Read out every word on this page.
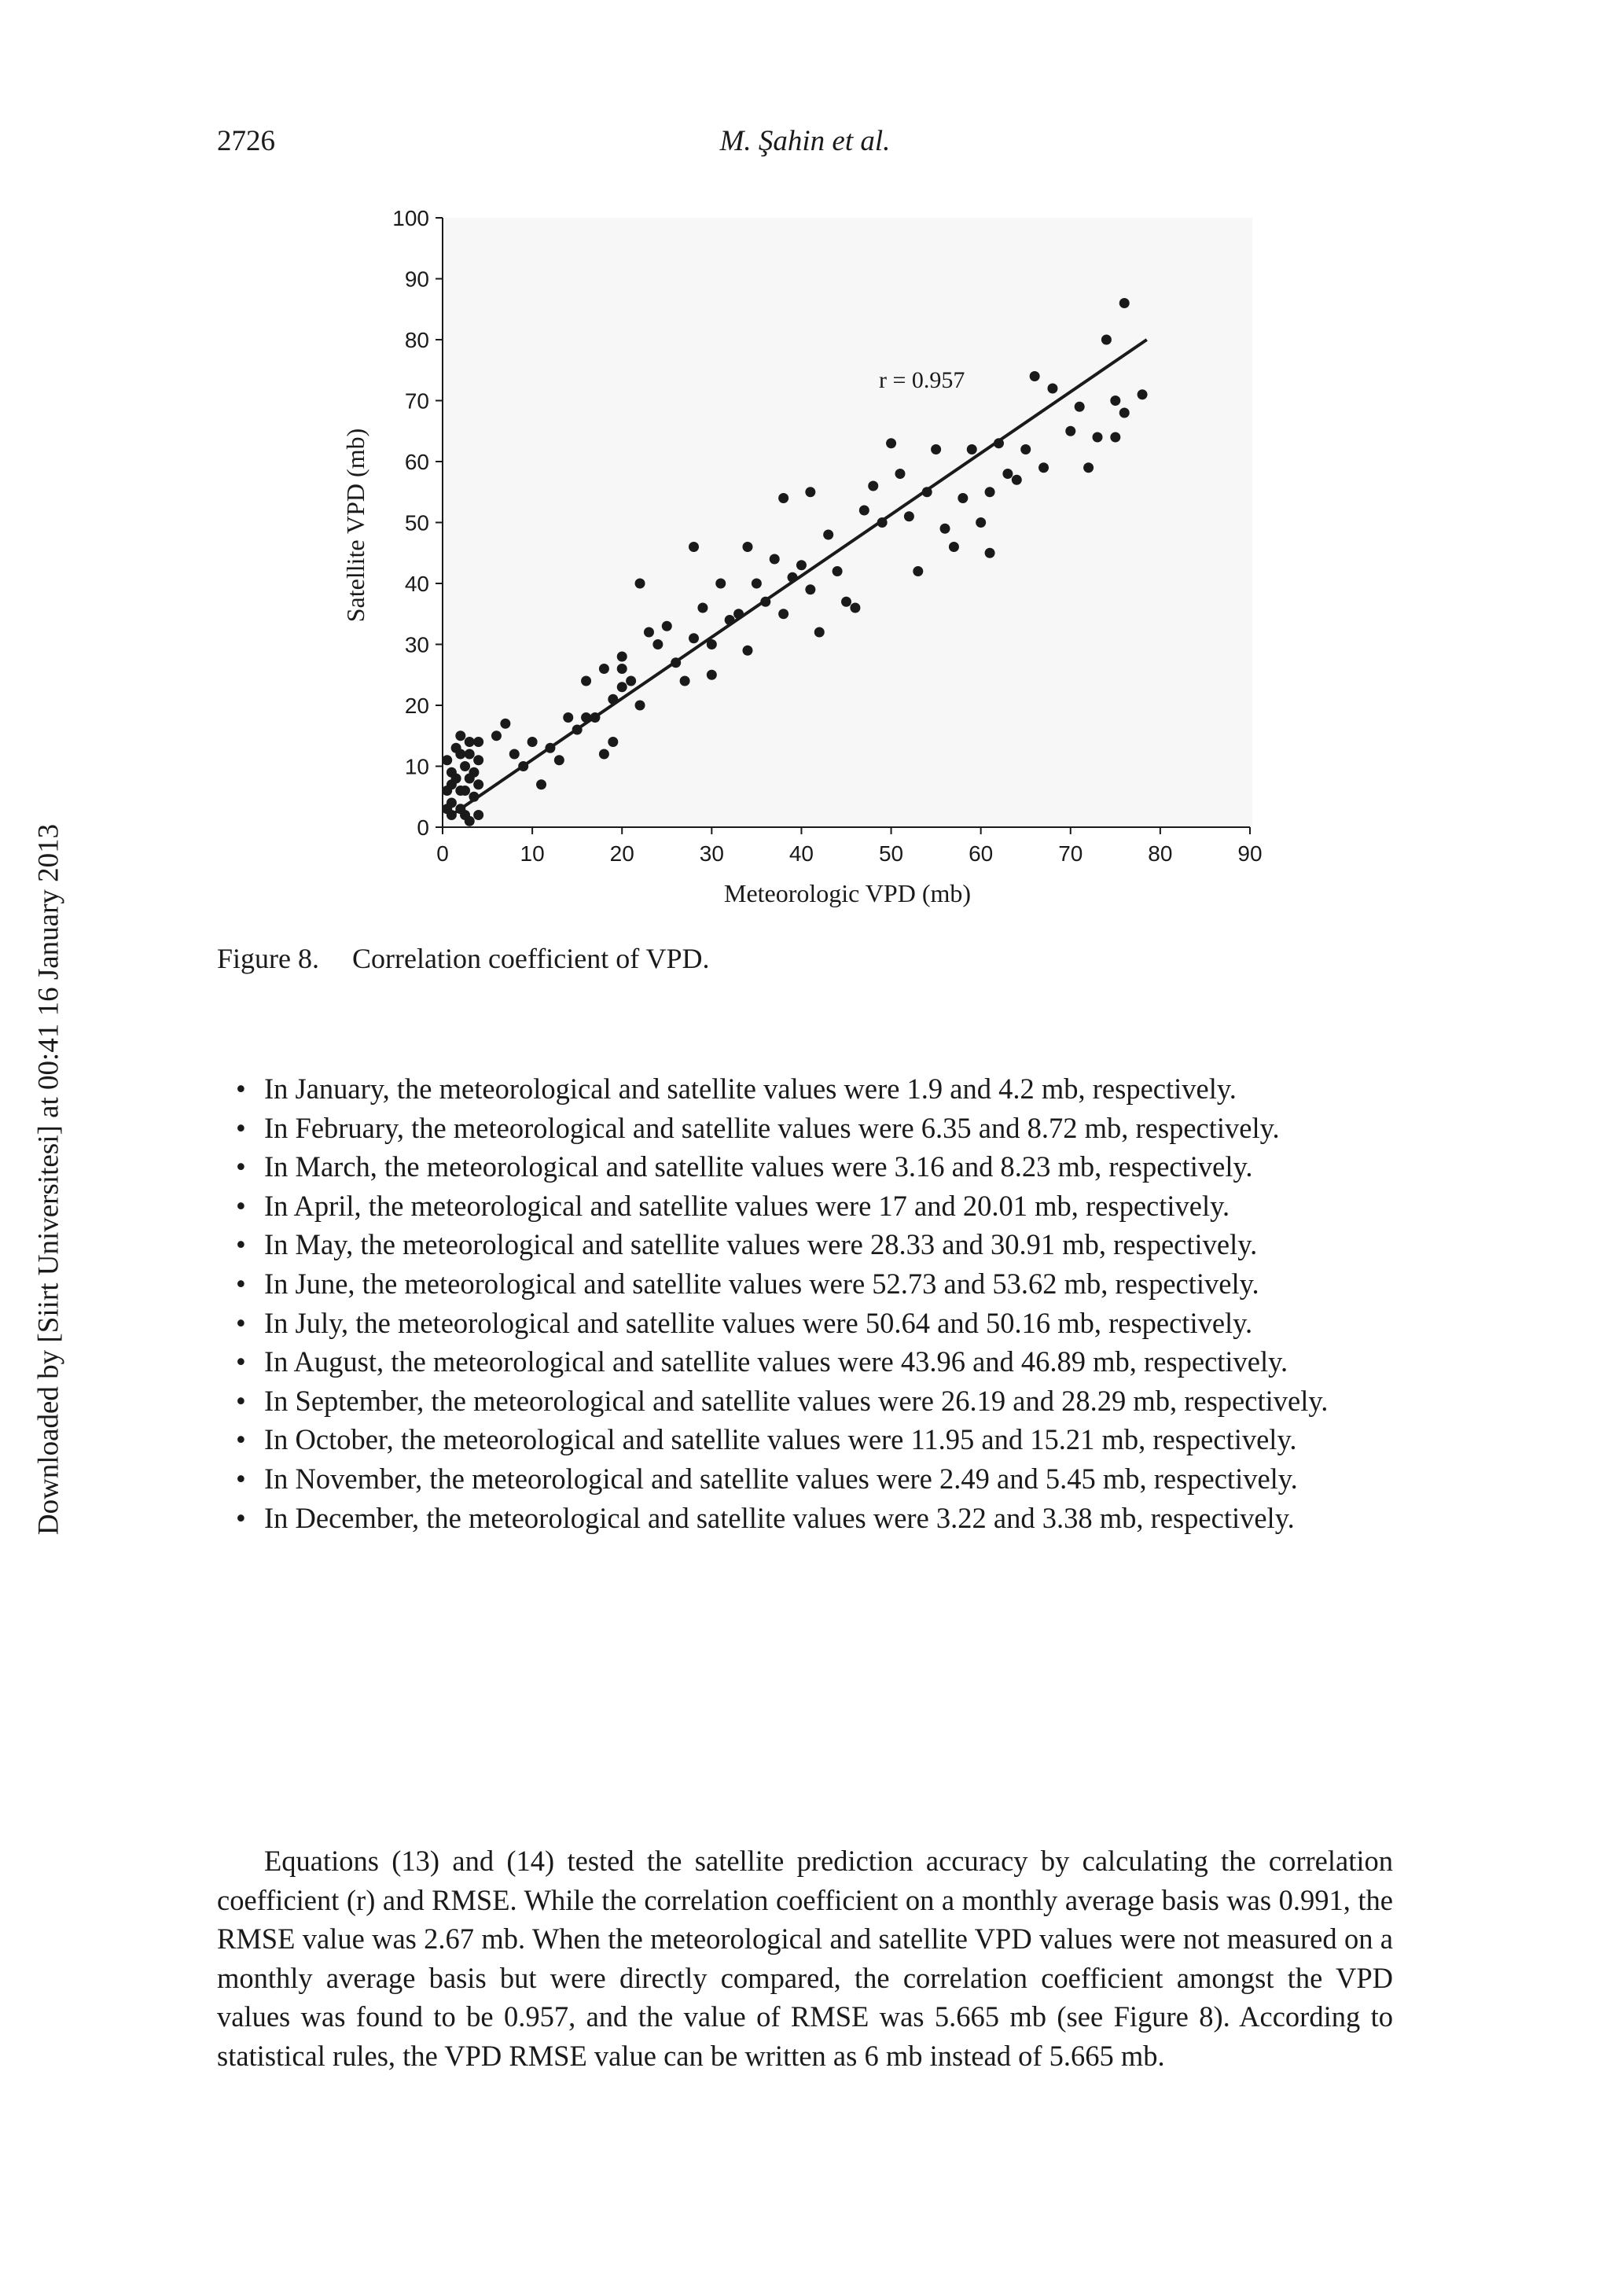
2726	M. Şahin et al.
Downloaded by [Siirt Universitesi] at 00:41 16 January 2013	0
10
20
30
40
50
60
70
80
90
100
0	10	20	30	40	50	60	70	80	90
r = 0.957
Meteorologic VPD (mb)
Satellite VPD (mb)
Figure 8. Correlation coefficient of VPD.
• In January, the meteorological and satellite values were 1.9 and 4.2 mb, respectively.
• In February, the meteorological and satellite values were 6.35 and 8.72 mb, respectively.
• In March, the meteorological and satellite values were 3.16 and 8.23 mb, respectively.
• In April, the meteorological and satellite values were 17 and 20.01 mb, respectively.
• In May, the meteorological and satellite values were 28.33 and 30.91 mb, respectively.
• In June, the meteorological and satellite values were 52.73 and 53.62 mb, respectively.
• In July, the meteorological and satellite values were 50.64 and 50.16 mb, respectively.
• In August, the meteorological and satellite values were 43.96 and 46.89 mb, respectively.
• In September, the meteorological and satellite values were 26.19 and 28.29 mb, respectively.
• In October, the meteorological and satellite values were 11.95 and 15.21 mb, respectively.
• In November, the meteorological and satellite values were 2.49 and 5.45 mb, respectively.
• In December, the meteorological and satellite values were 3.22 and 3.38 mb, respectively.

Equations (13) and (14) tested the satellite prediction accuracy by calculating the correlation coefficient (r) and RMSE. While the correlation coefficient on a monthly average basis was 0.991, the RMSE value was 2.67 mb. When the meteorological and satellite VPD values were not measured on a monthly average basis but were directly compared, the correlation coefficient amongst the VPD values was found to be 0.957, and the value of RMSE was 5.665 mb (see Figure 8). According to statistical rules, the VPD RMSE value can be written as 6 mb instead of 5.665 mb.
